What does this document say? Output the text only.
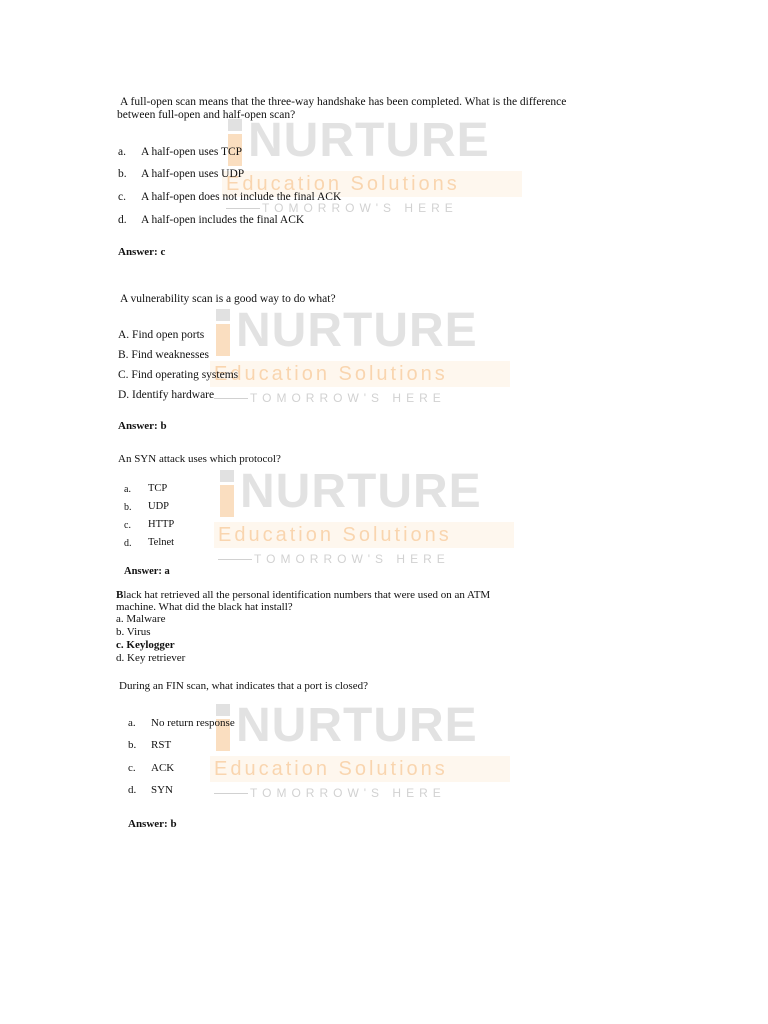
NURTURE
Education Solutions
TOMORROW'S HERE
NURTURE
Education Solutions
TOMORROW'S HERE
NURTURE
Education Solutions
TOMORROW'S HERE
NURTURE
Education Solutions
TOMORROW'S HERE
A full-open scan means that the three-way handshake has been completed. What is the difference
between full-open and half-open scan?
a. A half-open uses TCP
b. A half-open uses UDP
c. A half-open does not include the final ACK
d. A half-open includes the final ACK
Answer: c
A vulnerability scan is a good way to do what?
A. Find open ports
B. Find weaknesses
C. Find operating systems
D. Identify hardware
Answer: b
An SYN attack uses which protocol?
a. TCP
b. UDP
c. HTTP
d. Telnet
Answer: a
Black hat retrieved all the personal identification numbers that were used on an ATM
machine. What did the black hat install?
a. Malware
b. Virus
c. Keylogger
d. Key retriever
During an FIN scan, what indicates that a port is closed?
a. No return response
b. RST
c. ACK
d. SYN
Answer: b
